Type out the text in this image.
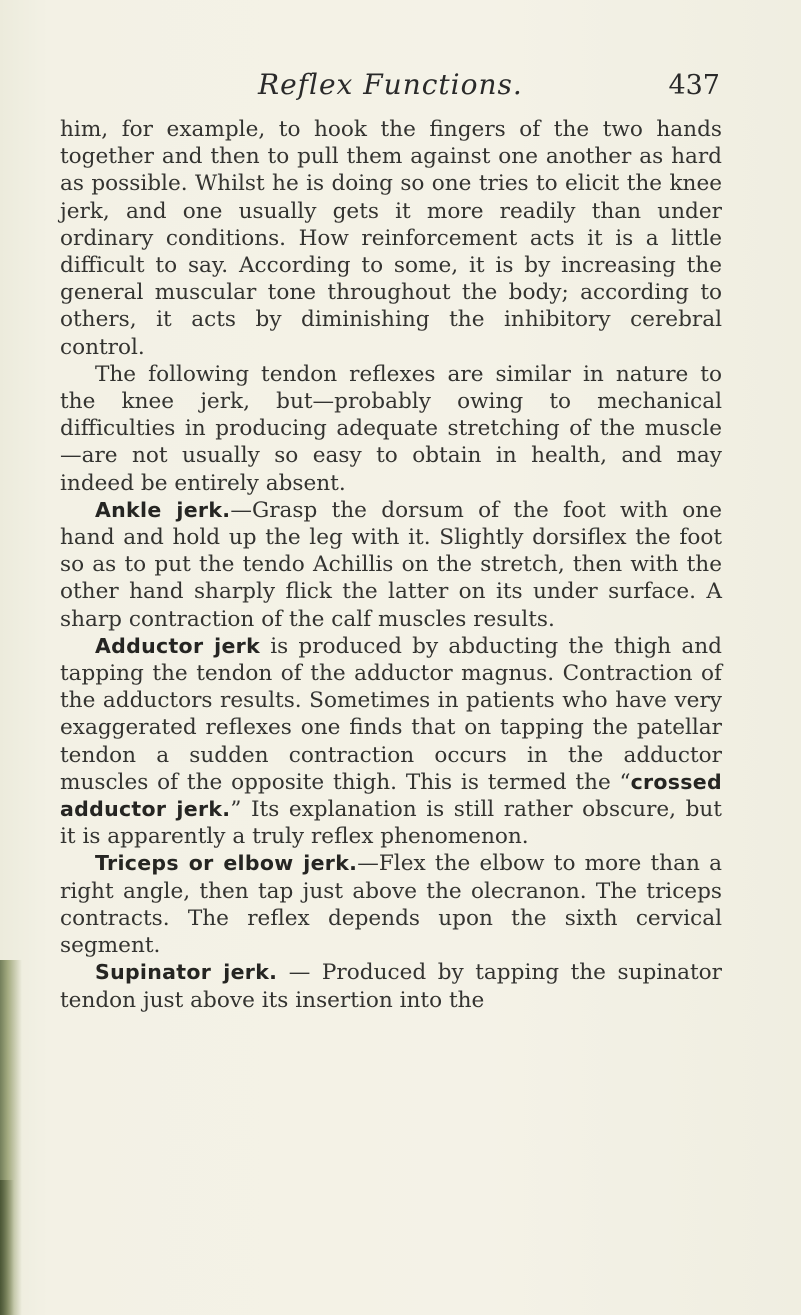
Reflex Functions.	437

him, for example, to hook the fingers of the two hands together and then to pull them against one another as hard as possible. Whilst he is doing so one tries to elicit the knee jerk, and one usually gets it more readily than under ordinary conditions. How reinforcement acts it is a little difficult to say. According to some, it is by increasing the general muscular tone throughout the body; according to others, it acts by diminishing the inhibitory cerebral control.

The following tendon reflexes are similar in nature to the knee jerk, but—probably owing to mechanical difficulties in producing adequate stretching of the muscle—are not usually so easy to obtain in health, and may indeed be entirely absent.

Ankle jerk.—Grasp the dorsum of the foot with one hand and hold up the leg with it. Slightly dorsiflex the foot so as to put the tendo Achillis on the stretch, then with the other hand sharply flick the latter on its under surface. A sharp contraction of the calf muscles results.

Adductor jerk is produced by abducting the thigh and tapping the tendon of the adductor magnus. Contraction of the adductors results. Sometimes in patients who have very exaggerated reflexes one finds that on tapping the patellar tendon a sudden contraction occurs in the adductor muscles of the opposite thigh. This is termed the “crossed adductor jerk.” Its explanation is still rather obscure, but it is apparently a truly reflex phenomenon.

Triceps or elbow jerk.—Flex the elbow to more than a right angle, then tap just above the olecranon. The triceps contracts. The reflex depends upon the sixth cervical segment.

Supinator jerk. — Produced by tapping the supinator tendon just above its insertion into the
